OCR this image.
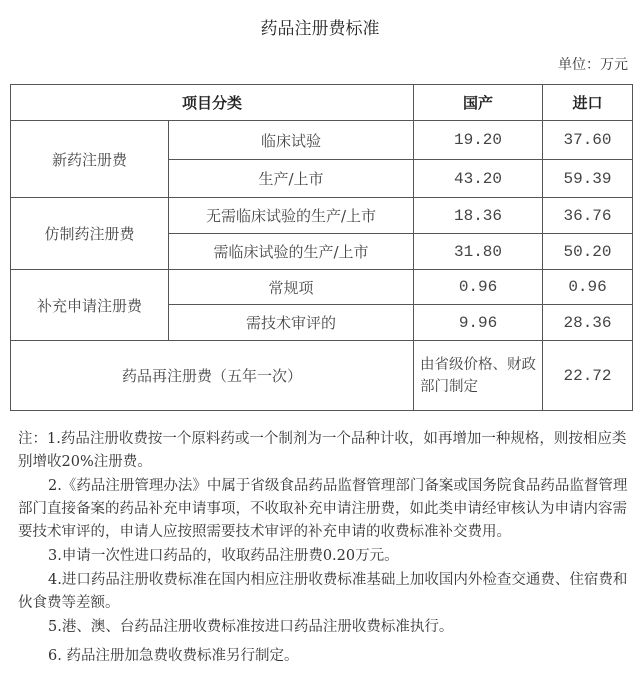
药品注册费标准
单位：万元
项目分类		国产	进口
新药注册费	临床试验	19.20	37.60
	生产/上市	43.20	59.39
仿制药注册费	无需临床试验的生产/上市	18.36	36.76
	需临床试验的生产/上市	31.80	50.20
补充申请注册费	常规项	0.96	0.96
	需技术审评的	9.96	28.36
药品再注册费（五年一次）		由省级价格、财政部门制定	22.72

注：1.药品注册收费按一个原料药或一个制剂为一个品种计收，如再增加一种规格，则按相应类别增收20%注册费。

2.《药品注册管理办法》中属于省级食品药品监督管理部门备案或国务院食品药品监督管理部门直接备案的药品补充申请事项，不收取补充申请注册费，如此类申请经审核认为申请内容需要技术审评的，申请人应按照需要技术审评的补充申请的收费标准补交费用。

3.申请一次性进口药品的，收取药品注册费0.20万元。

4.进口药品注册收费标准在国内相应注册收费标准基础上加收国内外检查交通费、住宿费和伙食费等差额。

5.港、澳、台药品注册收费标准按进口药品注册收费标准执行。

6. 药品注册加急费收费标准另行制定。
